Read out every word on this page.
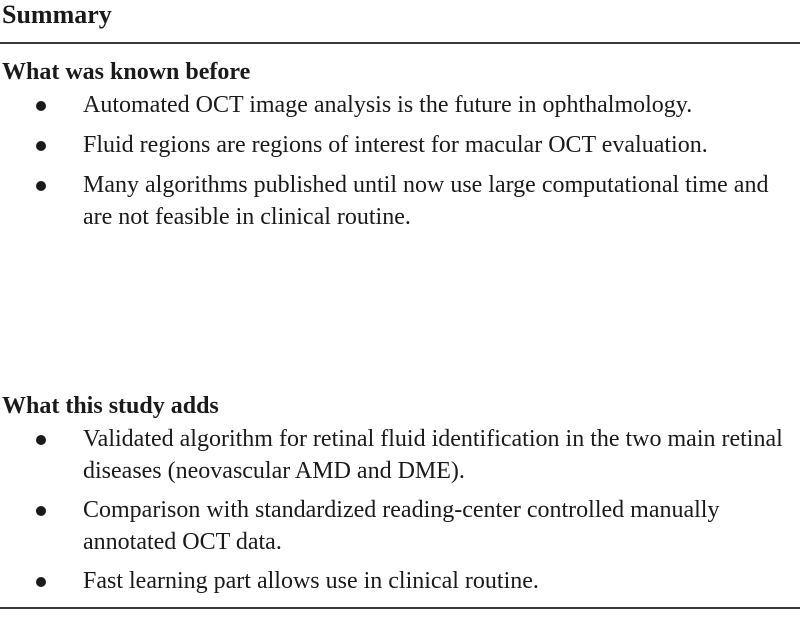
Summary
What was known before
Automated OCT image analysis is the future in ophthalmology.
Fluid regions are regions of interest for macular OCT evaluation.
Many algorithms published until now use large computational time and are not feasible in clinical routine.
What this study adds
Validated algorithm for retinal fluid identification in the two main retinal diseases (neovascular AMD and DME).
Comparison with standardized reading-center controlled manually annotated OCT data.
Fast learning part allows use in clinical routine.
